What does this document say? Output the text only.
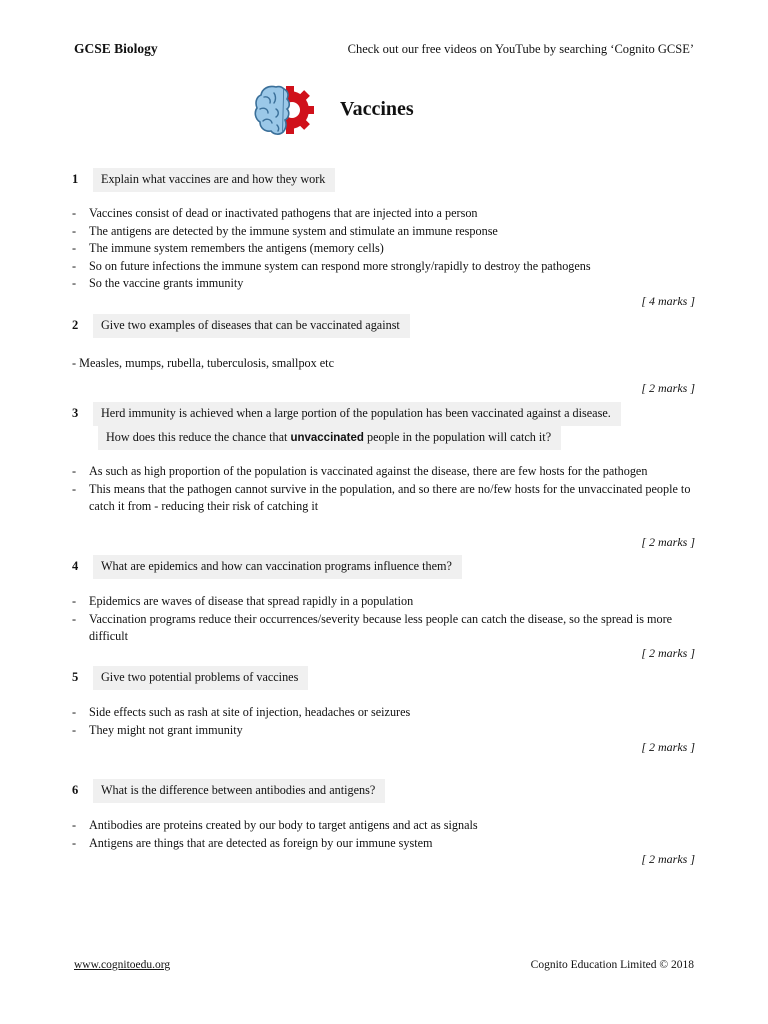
GCSE Biology	Check out our free videos on YouTube by searching ‘Cognito GCSE’
Vaccines
1	Explain what vaccines are and how they work
- Vaccines consist of dead or inactivated pathogens that are injected into a person
- The antigens are detected by the immune system and stimulate an immune response
- The immune system remembers the antigens (memory cells)
- So on future infections the immune system can respond more strongly/rapidly to destroy the pathogens
- So the vaccine grants immunity
[ 4 marks ]
2	Give two examples of diseases that can be vaccinated against
- Measles, mumps, rubella, tuberculosis, smallpox etc
[ 2 marks ]
3	Herd immunity is achieved when a large portion of the population has been vaccinated against a disease.
How does this reduce the chance that unvaccinated people in the population will catch it?
- As such as high proportion of the population is vaccinated against the disease, there are few hosts for the pathogen
- This means that the pathogen cannot survive in the population, and so there are no/few hosts for the unvaccinated people to catch it from - reducing their risk of catching it
[ 2 marks ]
4	What are epidemics and how can vaccination programs influence them?
- Epidemics are waves of disease that spread rapidly in a population
- Vaccination programs reduce their occurrences/severity because less people can catch the disease, so the spread is more difficult
[ 2 marks ]
5	Give two potential problems of vaccines
- Side effects such as rash at site of injection, headaches or seizures
- They might not grant immunity
[ 2 marks ]
6	What is the difference between antibodies and antigens?
- Antibodies are proteins created by our body to target antigens and act as signals
- Antigens are things that are detected as foreign by our immune system
[ 2 marks ]
www.cognitoedu.org	Cognito Education Limited © 2018
